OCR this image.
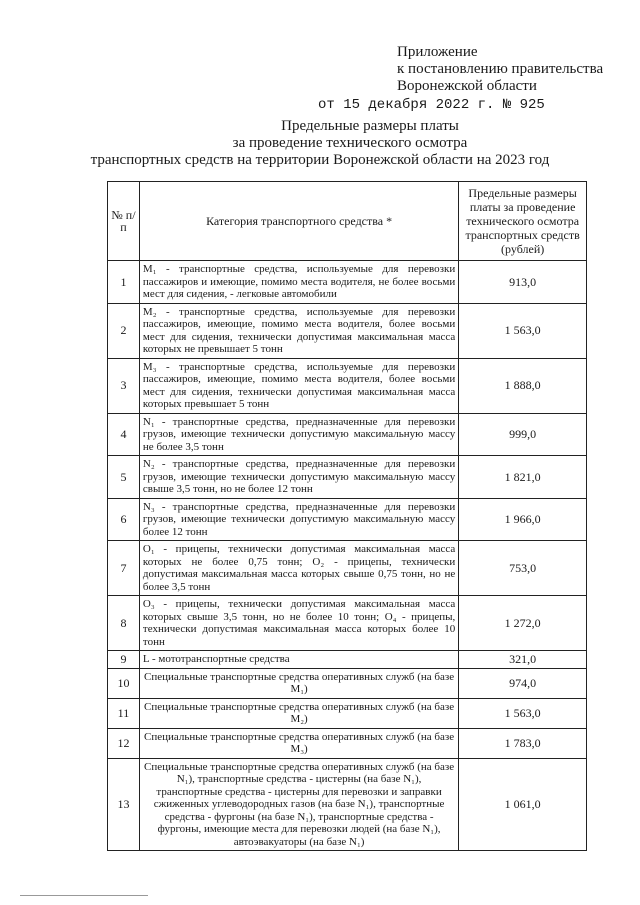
Приложение
к постановлению правительства
Воронежской области
от 15 декабря 2022 г. № 925
Предельные размеры платы
за проведение технического осмотра
транспортных средств на территории Воронежской области на 2023 год
№ п/п	Категория транспортного средства *	Предельные размеры платы за проведение технического осмотра транспортных средств (рублей)
1	M₁ - транспортные средства, используемые для перевозки пассажиров и имеющие, помимо места водителя, не более восьми мест для сидения, - легковые автомобили	913,0
2	M₂ - транспортные средства, используемые для перевозки пассажиров, имеющие, помимо места водителя, более восьми мест для сидения, технически допустимая максимальная масса которых не превышает 5 тонн	1 563,0
3	M₃ - транспортные средства, используемые для перевозки пассажиров, имеющие, помимо места водителя, более восьми мест для сидения, технически допустимая максимальная масса которых превышает 5 тонн	1 888,0
4	N₁ - транспортные средства, предназначенные для перевозки грузов, имеющие технически допустимую максимальную массу не более 3,5 тонн	999,0
5	N₂ - транспортные средства, предназначенные для перевозки грузов, имеющие технически допустимую максимальную массу свыше 3,5 тонн, но не более 12 тонн	1 821,0
6	N₃ - транспортные средства, предназначенные для перевозки грузов, имеющие технически допустимую максимальную массу более 12 тонн	1 966,0
7	O₁ - прицепы, технически допустимая максимальная масса которых не более 0,75 тонн; O₂ - прицепы, технически допустимая максимальная масса которых свыше 0,75 тонн, но не более 3,5 тонн	753,0
8	O₃ - прицепы, технически допустимая максимальная масса которых свыше 3,5 тонн, но не более 10 тонн; O₄ - прицепы, технически допустимая максимальная масса которых более 10 тонн	1 272,0
9	L - мототранспортные средства	321,0
10	Специальные транспортные средства оперативных служб (на базе M₁)	974,0
11	Специальные транспортные средства оперативных служб (на базе M₂)	1 563,0
12	Специальные транспортные средства оперативных служб (на базе M₃)	1 783,0
13	Специальные транспортные средства оперативных служб (на базе N₁), транспортные средства - цистерны (на базе N₁), транспортные средства - цистерны для перевозки и заправки сжиженных углеводородных газов (на базе N₁), транспортные средства - фургоны (на базе N₁), транспортные средства - фургоны, имеющие места для перевозки людей (на базе N₁), автоэвакуаторы (на базе N₁)	1 061,0
